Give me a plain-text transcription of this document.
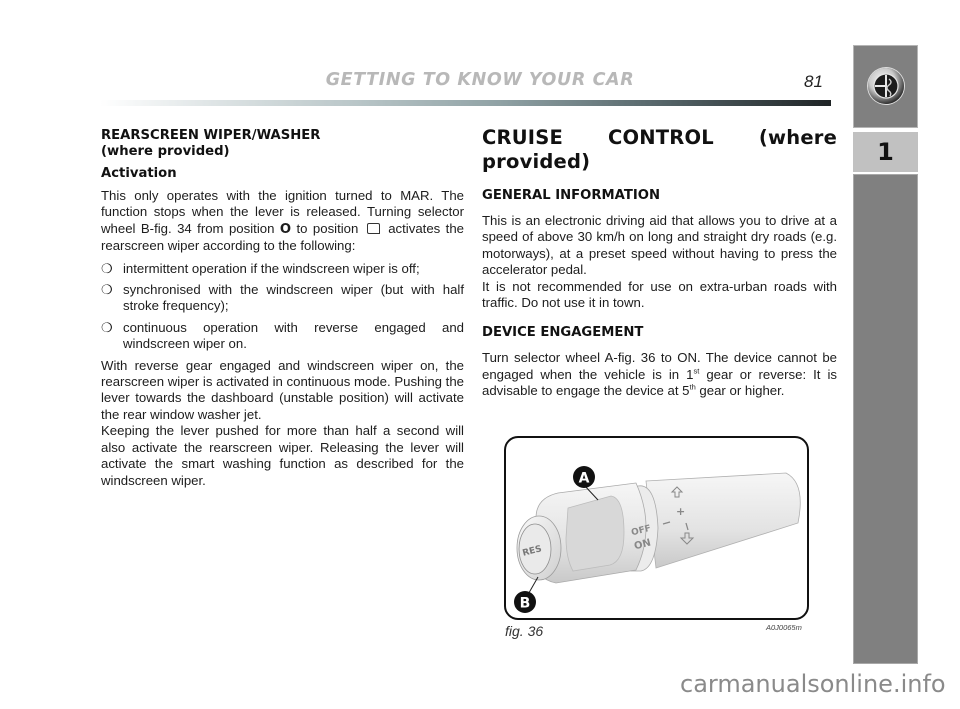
GETTING TO KNOW YOUR CAR	81
1

REARSCREEN WIPER/WASHER

(where provided)

Activation

This only operates with the ignition turned to MAR. The function stops when the lever is released. Turning selector wheel B-fig. 34 from position O to position  activates the rearscreen wiper according to the following:

❍ intermittent operation if the windscreen wiper is off;
❍ synchronised with the windscreen wiper (but with half stroke frequency);
❍ continuous operation with reverse engaged and windscreen wiper on.

With reverse gear engaged and windscreen wiper on, the rearscreen wiper is activated in continuous mode. Pushing the lever towards the dashboard (unstable position) will activate the rear window washer jet.

Keeping the lever pushed for more than half a second will also activate the rearscreen wiper. Releasing the lever will activate the smart washing function as described for the windscreen wiper.

CRUISE CONTROL (where provided)

GENERAL INFORMATION

This is an electronic driving aid that allows you to drive at a speed of above 30 km/h on long and straight dry roads (e.g. motorways), at a preset speed without having to press the accelerator pedal.

It is not recommended for use on extra-urban roads with traffic. Do not use it in town.

DEVICE ENGAGEMENT

Turn selector wheel A-fig. 36 to ON. The device cannot be engaged when the vehicle is in 1st gear or reverse: It is advisable to engage the device at 5th gear or higher.

RES
OFF
ON
+
A
B
fig. 36	A0J0065m
carmanualsonline.info
